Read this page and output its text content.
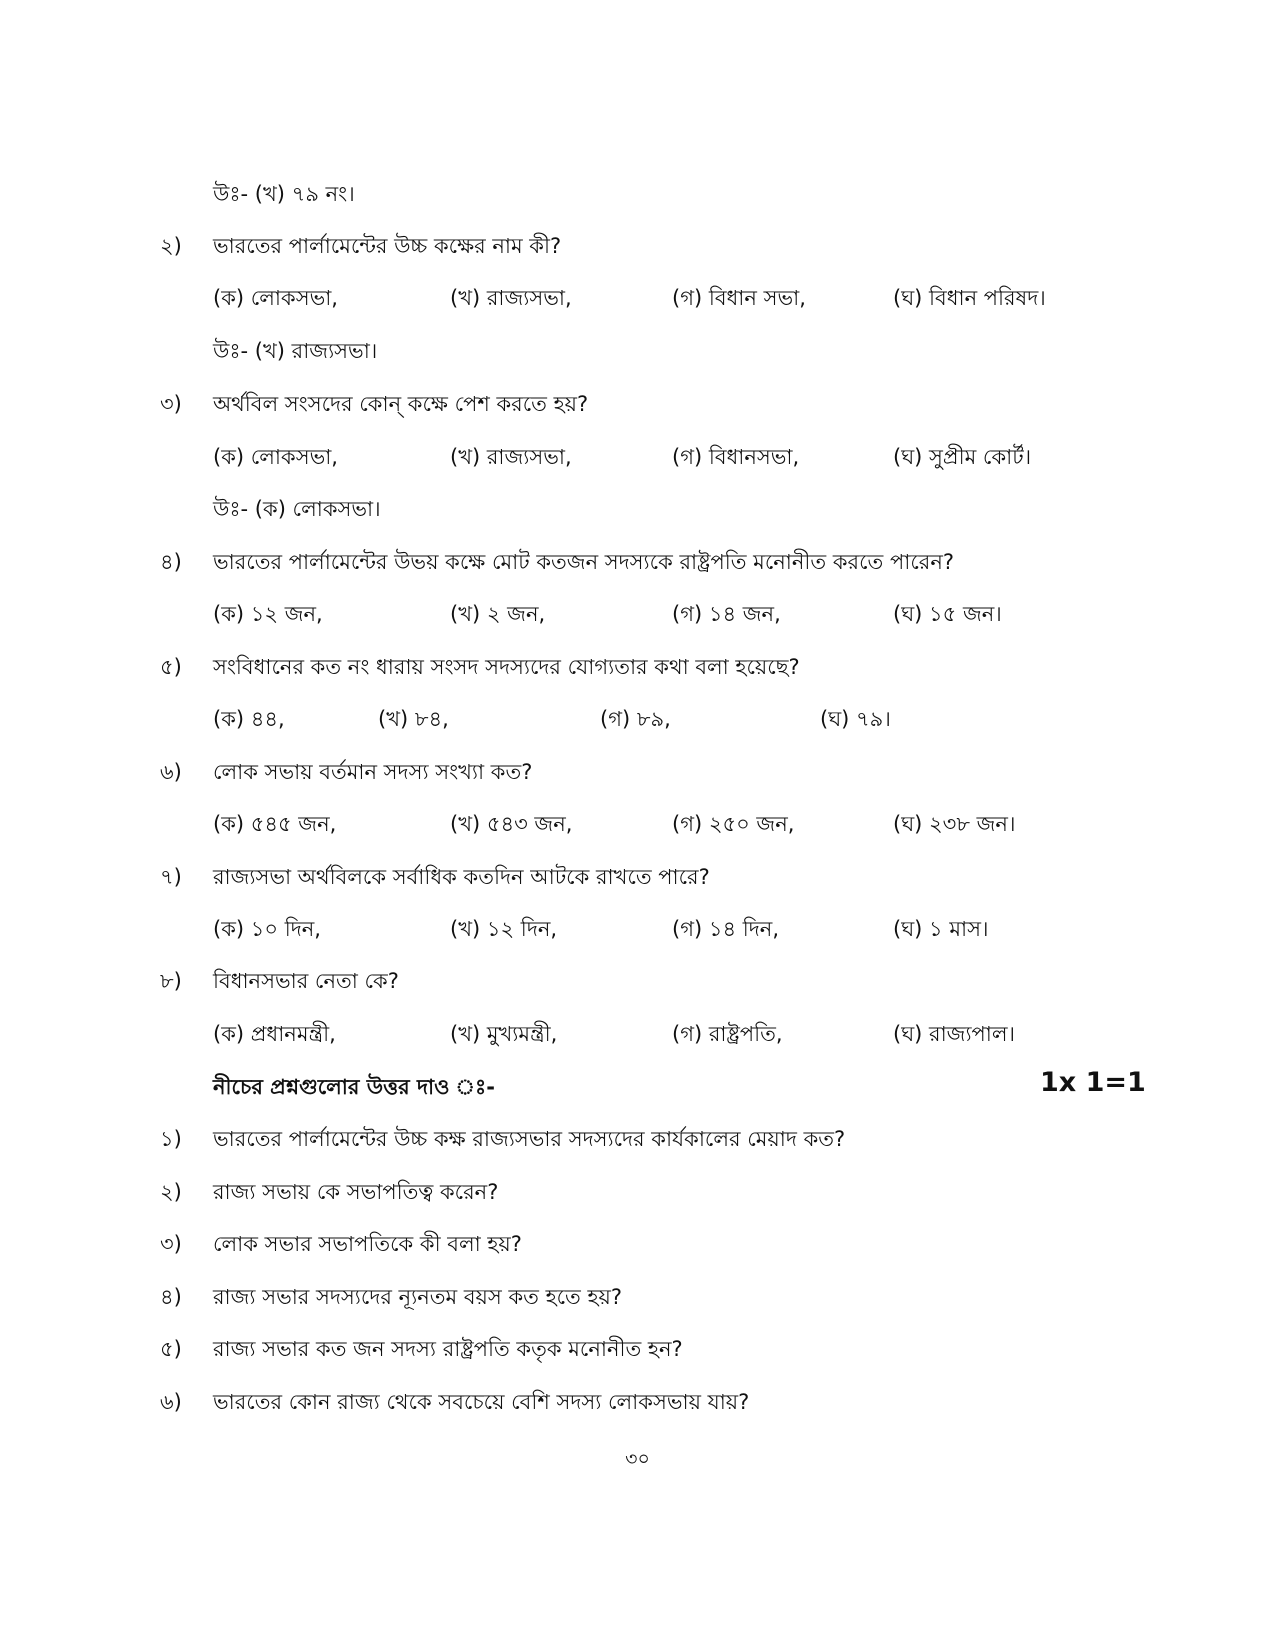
উঃ- (খ) ৭৯ নং।
২) ভারতের পার্লামেন্টের উচ্চ কক্ষের নাম কী?
(ক) লোকসভা,	(খ) রাজ্যসভা,	(গ) বিধান সভা,	(ঘ) বিধান পরিষদ।
উঃ- (খ) রাজ্যসভা।
৩) অর্থবিল সংসদের কোন্ কক্ষে পেশ করতে হয়?
(ক) লোকসভা,	(খ) রাজ্যসভা,	(গ) বিধানসভা,	(ঘ) সুপ্রীম কোর্ট।
উঃ- (ক) লোকসভা।
৪) ভারতের পার্লামেন্টের উভয় কক্ষে মোট কতজন সদস্যকে রাষ্ট্রপতি মনোনীত করতে পারেন?
(ক) ১২ জন,	(খ) ২ জন,	(গ) ১৪ জন,	(ঘ) ১৫ জন।
৫) সংবিধানের কত নং ধারায় সংসদ সদস্যদের যোগ্যতার কথা বলা হয়েছে?
(ক) ৪৪,	(খ) ৮৪,	(গ) ৮৯,	(ঘ) ৭৯।
৬) লোক সভায় বর্তমান সদস্য সংখ্যা কত?
(ক) ৫৪৫ জন,	(খ) ৫৪৩ জন,	(গ) ২৫০ জন,	(ঘ) ২৩৮ জন।
৭) রাজ্যসভা অর্থবিলকে সর্বাধিক কতদিন আটকে রাখতে পারে?
(ক) ১০ দিন,	(খ) ১২ দিন,	(গ) ১৪ দিন,	(ঘ) ১ মাস।
৮) বিধানসভার নেতা কে?
(ক) প্রধানমন্ত্রী,	(খ) মুখ্যমন্ত্রী,	(গ) রাষ্ট্রপতি,	(ঘ) রাজ্যপাল।
নীচের প্রশ্নগুলোর উত্তর দাও ঃ-	1x 1=1
১) ভারতের পার্লামেন্টের উচ্চ কক্ষ রাজ্যসভার সদস্যদের কার্যকালের মেয়াদ কত?
২) রাজ্য সভায় কে সভাপতিত্ব করেন?
৩) লোক সভার সভাপতিকে কী বলা হয়?
৪) রাজ্য সভার সদস্যদের ন্যূনতম বয়স কত হতে হয়?
৫) রাজ্য সভার কত জন সদস্য রাষ্ট্রপতি কতৃক মনোনীত হন?
৬) ভারতের কোন রাজ্য থেকে সবচেয়ে বেশি সদস্য লোকসভায় যায়?
৩০
